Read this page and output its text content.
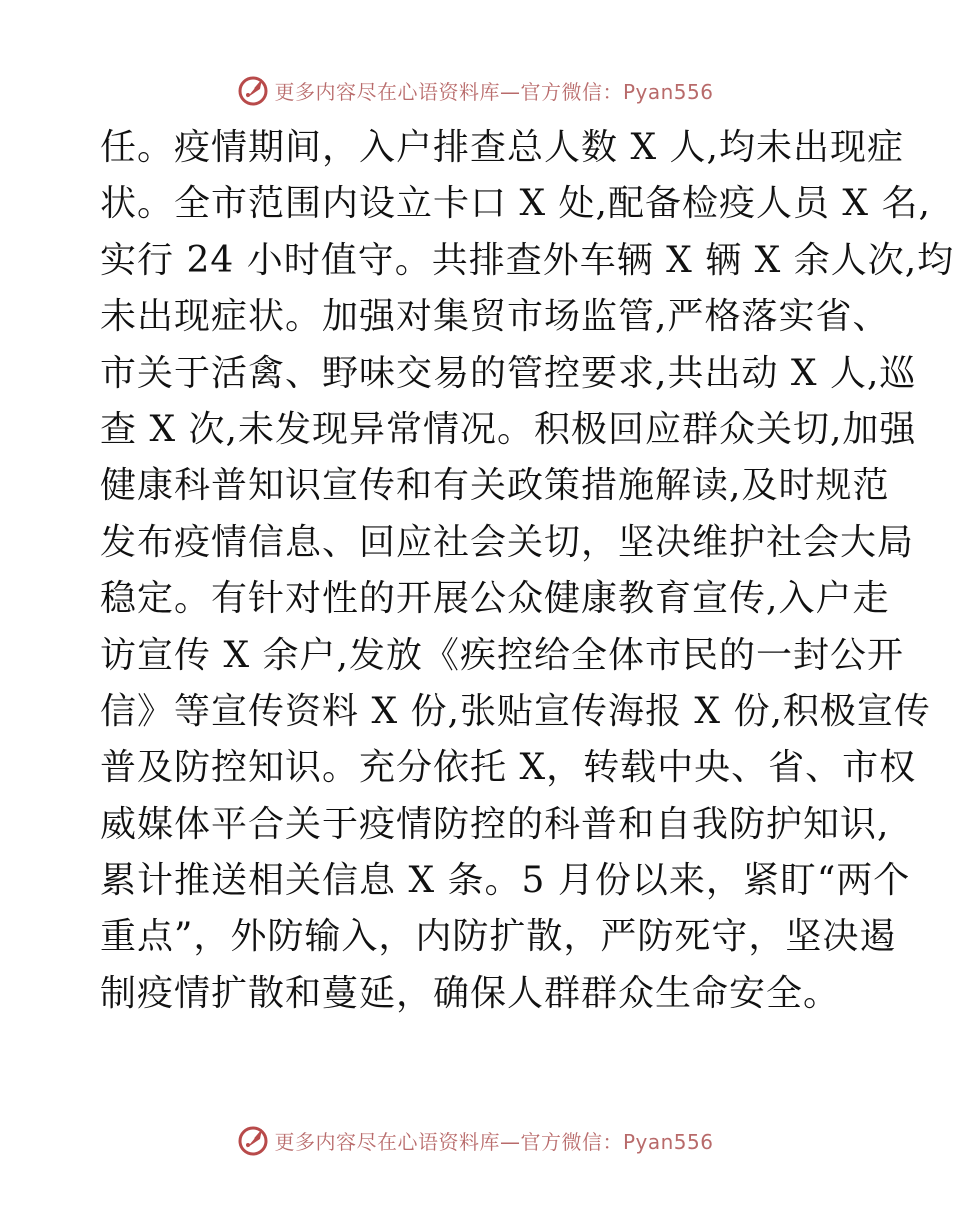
更多内容尽在心语资料库—官方微信：Pyan556
任。疫情期间，入户排查总人数 X 人,均未出现症
状。全市范围内设立卡口 X 处,配备检疫人员 X 名,
实行 24 小时值守。共排查外车辆 X 辆 X 余人次,均
未出现症状。加强对集贸市场监管,严格落实省、
市关于活禽、野味交易的管控要求,共出动 X 人,巡
查 X 次,未发现异常情况。积极回应群众关切,加强
健康科普知识宣传和有关政策措施解读,及时规范
发布疫情信息、回应社会关切，坚决维护社会大局
稳定。有针对性的开展公众健康教育宣传,入户走
访宣传 X 余户,发放《疾控给全体市民的一封公开
信》等宣传资料 X 份,张贴宣传海报 X 份,积极宣传
普及防控知识。充分依托 X，转载中央、省、市权
威媒体平合关于疫情防控的科普和自我防护知识,
累计推送相关信息 X 条。5 月份以来，紧盯“两个
重点”，外防输入，内防扩散，严防死守，坚决遏
制疫情扩散和蔓延，确保人群群众生命安全。
更多内容尽在心语资料库—官方微信：Pyan556
